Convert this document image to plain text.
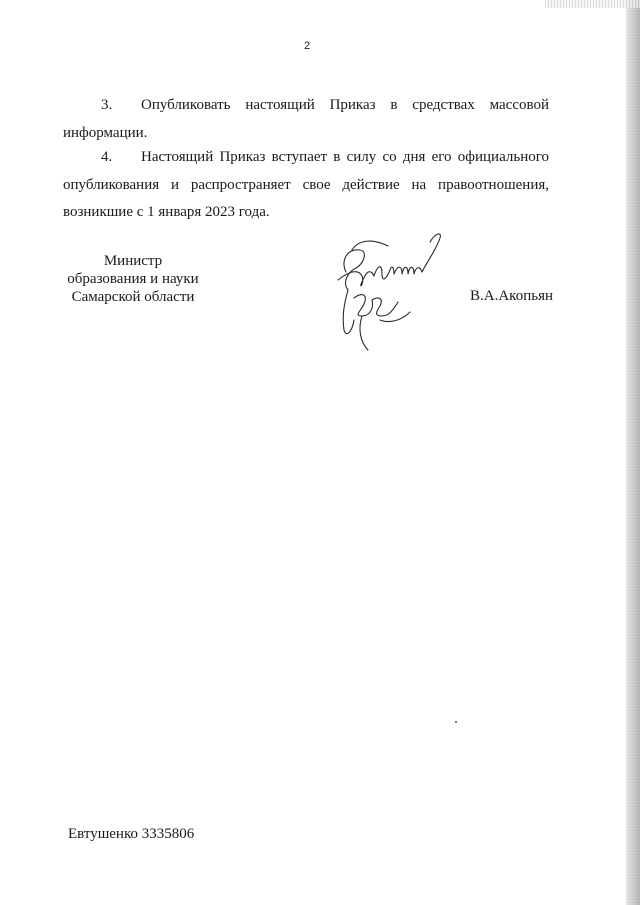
2
3. Опубликовать настоящий Приказ в средствах массовой информации.
4. Настоящий Приказ вступает в силу со дня его официального опубликования и распространяет свое действие на правоотношения, возникшие с 1 января 2023 года.
Министр
образования и науки
Самарской области	В.А.Акопьян
Евтушенко 3335806
